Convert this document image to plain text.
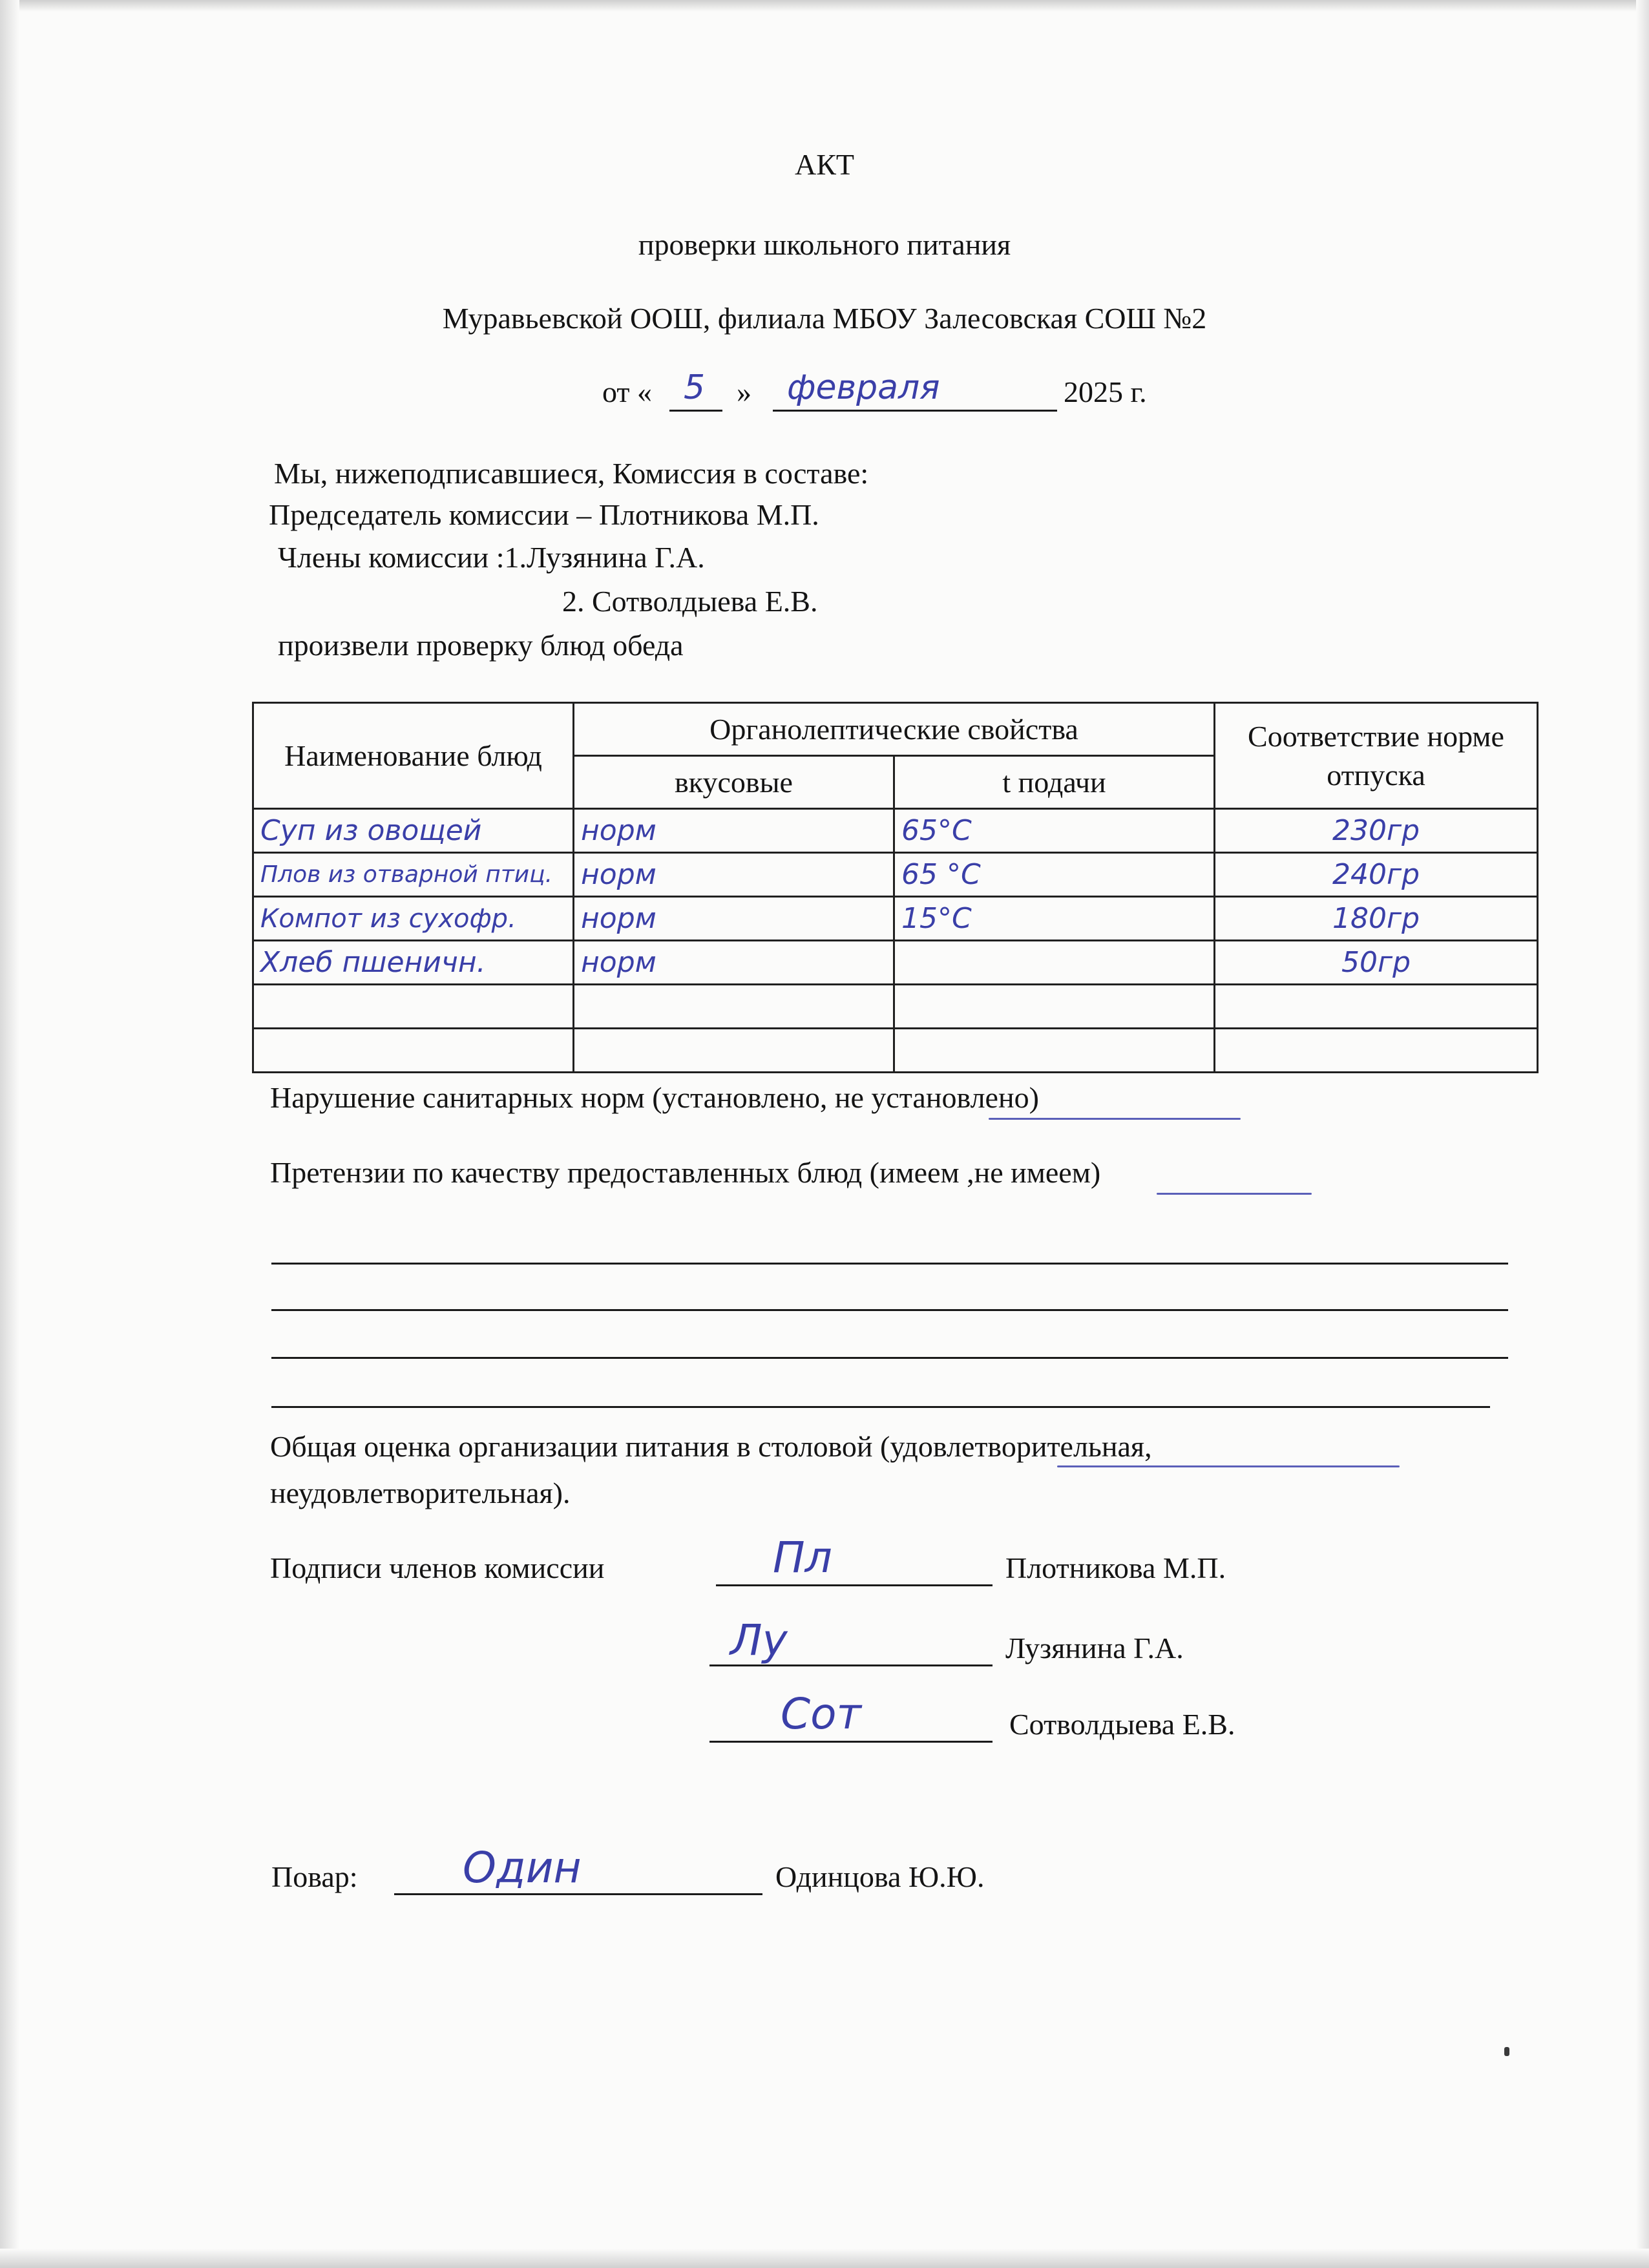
АКТ
проверки школьного питания
Муравьевской ООШ, филиала МБОУ Залесовская СОШ №2
от « 5 » февраля	2025 г.
Мы, нижеподписавшиеся, Комиссия в составе:
Председатель комиссии – Плотникова М.П.
Члены комиссии :1.Лузянина Г.А.
2. Сотволдыева Е.В.
произвели проверку блюд обеда
Наименование блюд	Органолептические свойства		Соответствие норме отпуска
	вкусовые	t подачи	
Суп из овощей	норм	65°С	230гр
Плов из отварной птиц.	норм	65 °С	240гр
Компот из сухофр.	норм	15°С	180гр
Хлеб пшеничн.	норм		50гр

Нарушение санитарных норм (установлено, не установлено)
Претензии по качеству предоставленных блюд (имеем ,не имеем)
Общая оценка организации питания в столовой (удовлетворительная,
неудовлетворительная).
Подписи членов комиссии	Пл	Плотникова М.П.
Лу	Лузянина Г.А.
Сот	Сотволдыева Е.В.
Повар: Один	Одинцова Ю.Ю.
